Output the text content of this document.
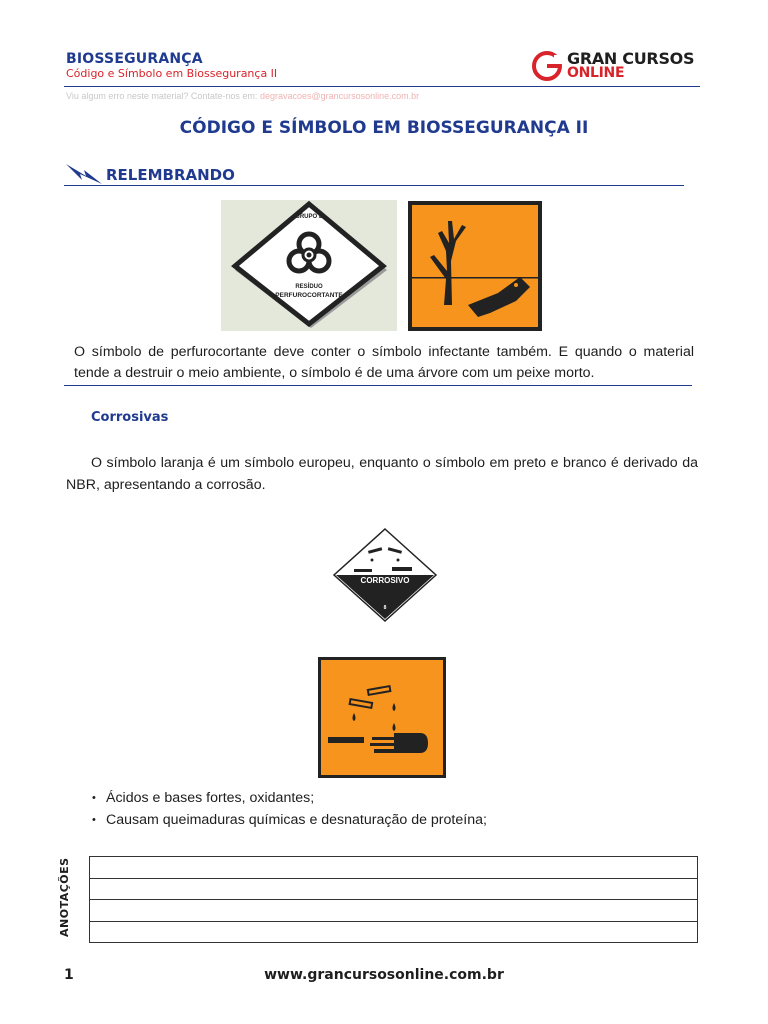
BIOSSEGURANÇA
Código e Símbolo em Biossegurança II
GRAN CURSOS
ONLINE
Viu algum erro neste material? Contate-nos em: degravacoes@grancursosonline.com.br
CÓDIGO E SÍMBOLO EM BIOSSEGURANÇA II
RELEMBRANDO
GRUPO E
RESÍDUO
PERFUROCORTANTE
O símbolo de perfurocortante deve conter o símbolo infectante também. E quando o material tende a destruir o meio ambiente, o símbolo é de uma árvore com um peixe morto.
Corrosivas
O símbolo laranja é um símbolo europeu, enquanto o símbolo em preto e branco é derivado da NBR, apresentando a corrosão.
CORROSIVO
8
• Ácidos e bases fortes, oxidantes;
• Causam queimaduras químicas e desnaturação de proteína;
ANOTAÇÕES
1	www.grancursosonline.com.br
